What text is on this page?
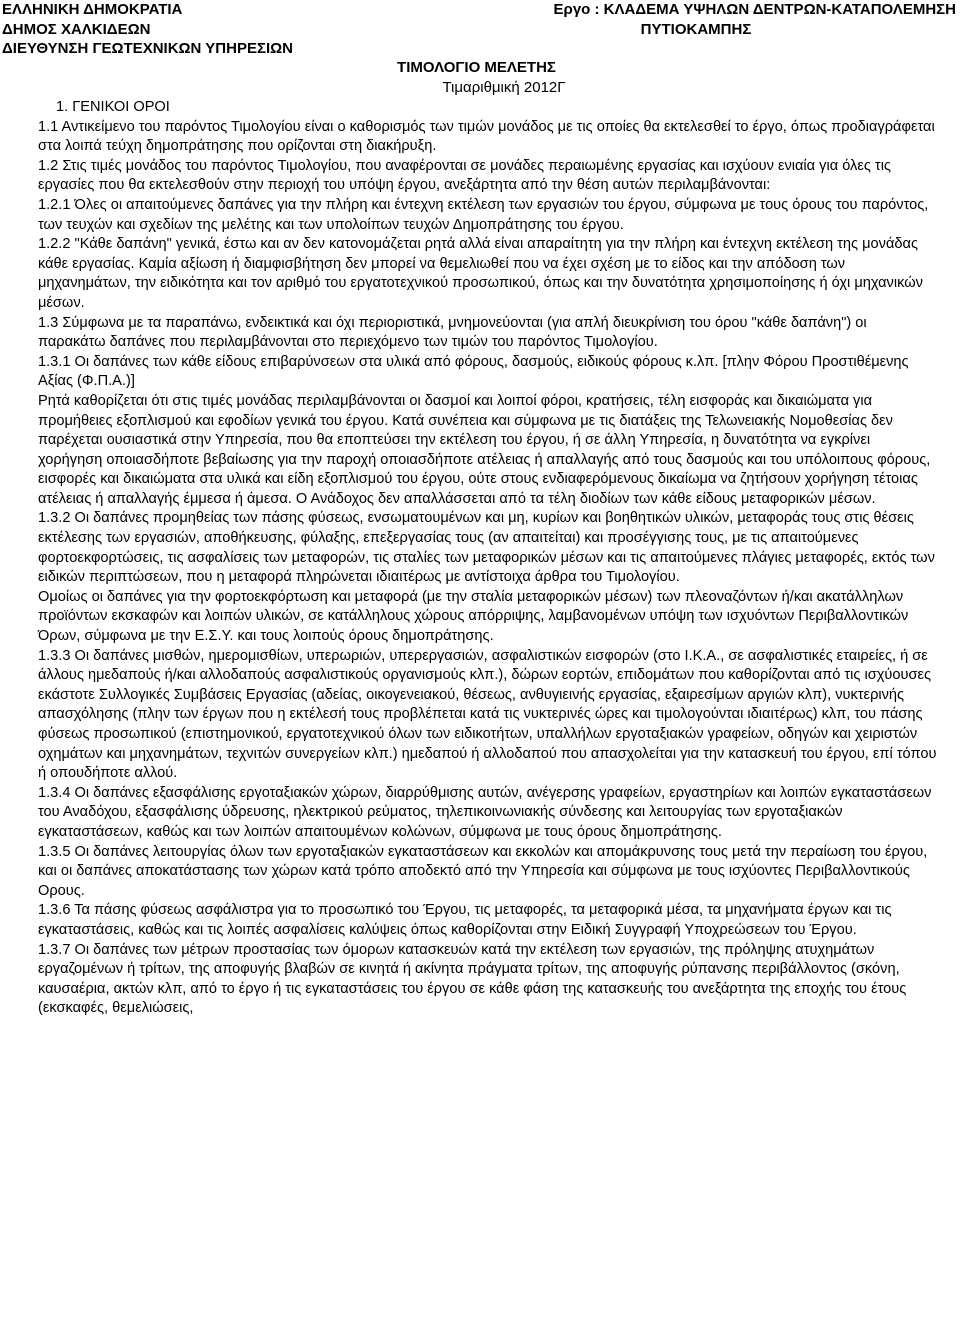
ΕΛΛΗΝΙΚΗ ΔΗΜΟΚΡΑΤΙΑ
ΔΗΜΟΣ ΧΑΛΚΙΔΕΩΝ
ΔΙΕΥΘΥΝΣΗ ΓΕΩΤΕΧΝΙΚΩΝ ΥΠΗΡΕΣΙΩΝ
Εργο : ΚΛΑΔΕΜΑ ΥΨΗΛΩΝ ΔΕΝΤΡΩΝ-ΚΑΤΑΠΟΛΕΜΗΣΗ
ΠΥΤΙΟΚΑΜΠΗΣ
ΤΙΜΟΛΟΓΙΟ ΜΕΛΕΤΗΣ
Τιμαριθμική 2012Γ

1. ΓΕΝΙΚΟΙ ΟΡΟΙ

1.1 Αντικείμενο του παρόντος Τιμολογίου είναι ο καθορισμός των τιμών μονάδος με τις οποίες θα εκτελεσθεί το έργο, όπως προδιαγράφεται στα λοιπά τεύχη δημοπράτησης που ορίζονται στη διακήρυξη.

1.2 Στις τιμές μονάδος του παρόντος Τιμολογίου, που αναφέρονται σε μονάδες περαιωμένης εργασίας και ισχύουν ενιαία για όλες τις εργασίες που θα εκτελεσθούν στην περιοχή του υπόψη έργου, ανεξάρτητα από την θέση αυτών περιλαμβάνονται:

1.2.1 Όλες οι απαιτούμενες δαπάνες για την πλήρη και έντεχνη εκτέλεση των εργασιών του έργου, σύμφωνα με τους όρους του παρόντος, των τευχών και σχεδίων της μελέτης και των υπολοίπων τευχών Δημοπράτησης του έργου.

1.2.2 "Κάθε δαπάνη" γενικά, έστω και αν δεν κατονομάζεται ρητά αλλά είναι απαραίτητη για την πλήρη και έντεχνη εκτέλεση της μονάδας κάθε εργασίας. Καμία αξίωση ή διαμφισβήτηση δεν μπορεί να θεμελιωθεί που να έχει σχέση με το είδος και την απόδοση των μηχανημάτων, την ειδικότητα και τον αριθμό του εργατοτεχνικού προσωπικού, όπως και την δυνατότητα χρησιμοποίησης ή όχι μηχανικών μέσων.

1.3 Σύμφωνα με τα παραπάνω, ενδεικτικά και όχι περιοριστικά, μνημονεύονται (για απλή διευκρίνιση του όρου "κάθε δαπάνη") οι παρακάτω δαπάνες που περιλαμβάνονται στο περιεχόμενο των τιμών του παρόντος Τιμολογίου.

1.3.1 Οι δαπάνες των κάθε είδους επιβαρύνσεων στα υλικά από φόρους, δασμούς, ειδικούς φόρους κ.λπ. [πλην Φόρου Προστιθέμενης Αξίας (Φ.Π.Α.)]

Ρητά καθορίζεται ότι στις τιμές μονάδας περιλαμβάνονται οι δασμοί και λοιποί φόροι, κρατήσεις, τέλη εισφοράς και δικαιώματα για προμήθειες εξοπλισμού και εφοδίων γενικά του έργου. Κατά συνέπεια και σύμφωνα με τις διατάξεις της Τελωνειακής Νομοθεσίας δεν παρέχεται ουσιαστικά στην Υπηρεσία, που θα εποπτεύσει την εκτέλεση του έργου, ή σε άλλη Υπηρεσία, η δυνατότητα να εγκρίνει χορήγηση οποιασδήποτε βεβαίωσης για την παροχή οποιασδήποτε ατέλειας ή απαλλαγής από τους δασμούς και του υπόλοιπους φόρους, εισφορές και δικαιώματα στα υλικά και είδη εξοπλισμού του έργου, ούτε στους ενδιαφερόμενους δικαίωμα να ζητήσουν χορήγηση τέτοιας ατέλειας ή απαλλαγής έμμεσα ή άμεσα. Ο Ανάδοχος δεν απαλλάσσεται από τα τέλη διοδίων των κάθε είδους μεταφορικών μέσων.

1.3.2 Οι δαπάνες προμηθείας των πάσης φύσεως, ενσωματουμένων και μη, κυρίων και βοηθητικών υλικών, μεταφοράς τους στις θέσεις εκτέλεσης των εργασιών, αποθήκευσης, φύλαξης, επεξεργασίας τους (αν απαιτείται) και προσέγγισης τους, με τις απαιτούμενες φορτοεκφορτώσεις, τις ασφαλίσεις των μεταφορών, τις σταλίες των μεταφορικών μέσων και τις απαιτούμενες πλάγιες μεταφορές, εκτός των ειδικών περιπτώσεων, που η μεταφορά πληρώνεται ιδιαιτέρως με αντίστοιχα άρθρα του Τιμολογίου.

Ομοίως οι δαπάνες για την φορτοεκφόρτωση και μεταφορά (με την σταλία μεταφορικών μέσων) των πλεοναζόντων ή/και ακατάλληλων προϊόντων εκσκαφών και λοιπών υλικών, σε κατάλληλους χώρους απόρριψης, λαμβανομένων υπόψη των ισχυόντων Περιβαλλοντικών Όρων, σύμφωνα με την Ε.Σ.Υ. και τους λοιπούς όρους δημοπράτησης.

1.3.3 Οι δαπάνες μισθών, ημερομισθίων, υπερωριών, υπερεργασιών, ασφαλιστικών εισφορών (στο Ι.Κ.Α., σε ασφαλιστικές εταιρείες, ή σε άλλους ημεδαπούς ή/και αλλοδαπούς ασφαλιστικούς οργανισμούς κλπ.), δώρων εορτών, επιδομάτων που καθορίζονται από τις ισχύουσες εκάστοτε Συλλογικές Συμβάσεις Εργασίας (αδείας, οικογενειακού, θέσεως, ανθυγιεινής εργασίας, εξαιρεσίμων αργιών κλπ), νυκτερινής απασχόλησης (πλην των έργων που η εκτέλεσή τους προβλέπεται κατά τις νυκτερινές ώρες και τιμολογούνται ιδιαιτέρως) κλπ, του πάσης φύσεως προσωπικού (επιστημονικού, εργατοτεχνικού όλων των ειδικοτήτων, υπαλλήλων εργοταξιακών γραφείων, οδηγών και χειριστών οχημάτων και μηχανημάτων, τεχνιτών συνεργείων κλπ.) ημεδαπού ή αλλοδαπού που απασχολείται για την κατασκευή του έργου, επί τόπου ή οπουδήποτε αλλού.

1.3.4 Οι δαπάνες εξασφάλισης εργοταξιακών χώρων, διαρρύθμισης αυτών, ανέγερσης γραφείων, εργαστηρίων και λοιπών εγκαταστάσεων του Αναδόχου, εξασφάλισης ύδρευσης, ηλεκτρικού ρεύματος, τηλεπικοινωνιακής σύνδεσης και λειτουργίας των εργοταξιακών εγκαταστάσεων, καθώς και των λοιπών απαιτουμένων κολώνων, σύμφωνα με τους όρους δημοπράτησης.

1.3.5 Οι δαπάνες λειτουργίας όλων των εργοταξιακών εγκαταστάσεων και εκκολών και απομάκρυνσης τους μετά την περαίωση του έργου, και οι δαπάνες αποκατάστασης των χώρων κατά τρόπο αποδεκτό από την Υπηρεσία και σύμφωνα με τους ισχύοντες Περιβαλλοντικούς Ορους.

1.3.6 Τα πάσης φύσεως ασφάλιστρα για το προσωπικό του Έργου, τις μεταφορές, τα μεταφορικά μέσα, τα μηχανήματα έργων και τις εγκαταστάσεις, καθώς και τις λοιπές ασφαλίσεις καλύψεις όπως καθορίζονται στην Ειδική Συγγραφή Υποχρεώσεων του Έργου.

1.3.7 Οι δαπάνες των μέτρων προστασίας των όμορων κατασκευών κατά την εκτέλεση των εργασιών, της πρόληψης ατυχημάτων εργαζομένων ή τρίτων, της αποφυγής βλαβών σε κινητά ή ακίνητα πράγματα τρίτων, της αποφυγής ρύπανσης περιβάλλοντος (σκόνη, καυσαέρια, ακτών κλπ, από το έργο ή τις εγκαταστάσεις του έργου σε κάθε φάση της κατασκευής του ανεξάρτητα της εποχής του έτους (εκσκαφές, θεμελιώσεις,
